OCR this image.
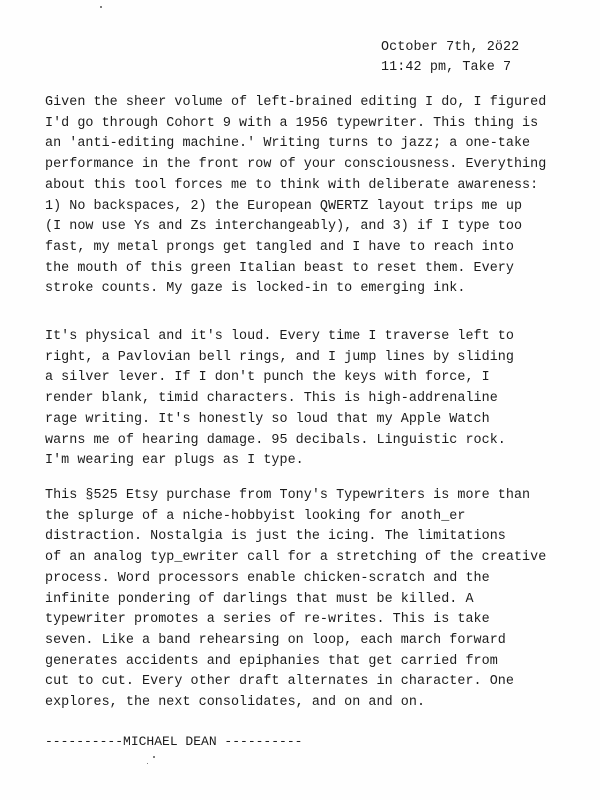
October 7th, 2ö22
11:42 pm, Take 7
Given the sheer volume of left-brained editing I do, I figured
I'd go through Cohort 9 with a 1956 typewriter. This thing is
an 'anti-editing machine.' Writing turns to jazz; a one-take
performance in the front row of your consciousness. Everything
about this tool forces me to think with deliberate awareness:
1) No backspaces, 2) the European QWERTZ layout trips me up
(I now use Ys and Zs interchangeably), and 3) if I type too
fast, my metal prongs get tangled and I have to reach into
the mouth of this green Italian beast to reset them. Every
stroke counts. My gaze is locked-in to emerging ink.
It's physical and it's loud. Every time I traverse left to
right, a Pavlovian bell rings, and I jump lines by sliding
a silver lever. If I don't punch the keys with force, I
render blank, timid characters. This is high-addrenaline
rage writing. It's honestly so loud that my Apple Watch
warns me of hearing damage. 95 decibals. Linguistic rock.
I'm wearing ear plugs as I type.
This §525 Etsy purchase from Tony's Typewriters is more than
the splurge of a niche-hobbyist looking for anoth_er
distraction. Nostalgia is just the icing. The limitations
of an analog typ_ewriter call for a stretching of the creative
process. Word processors enable chicken-scratch and the
infinite pondering of darlings that must be killed. A
typewriter promotes a series of re-writes. This is take
seven. Like a band rehearsing on loop, each march forward
generates accidents and epiphanies that get carried from
cut to cut. Every other draft alternates in character. One
explores, the next consolidates, and on and on.
----------MICHAEL DEAN ----------
